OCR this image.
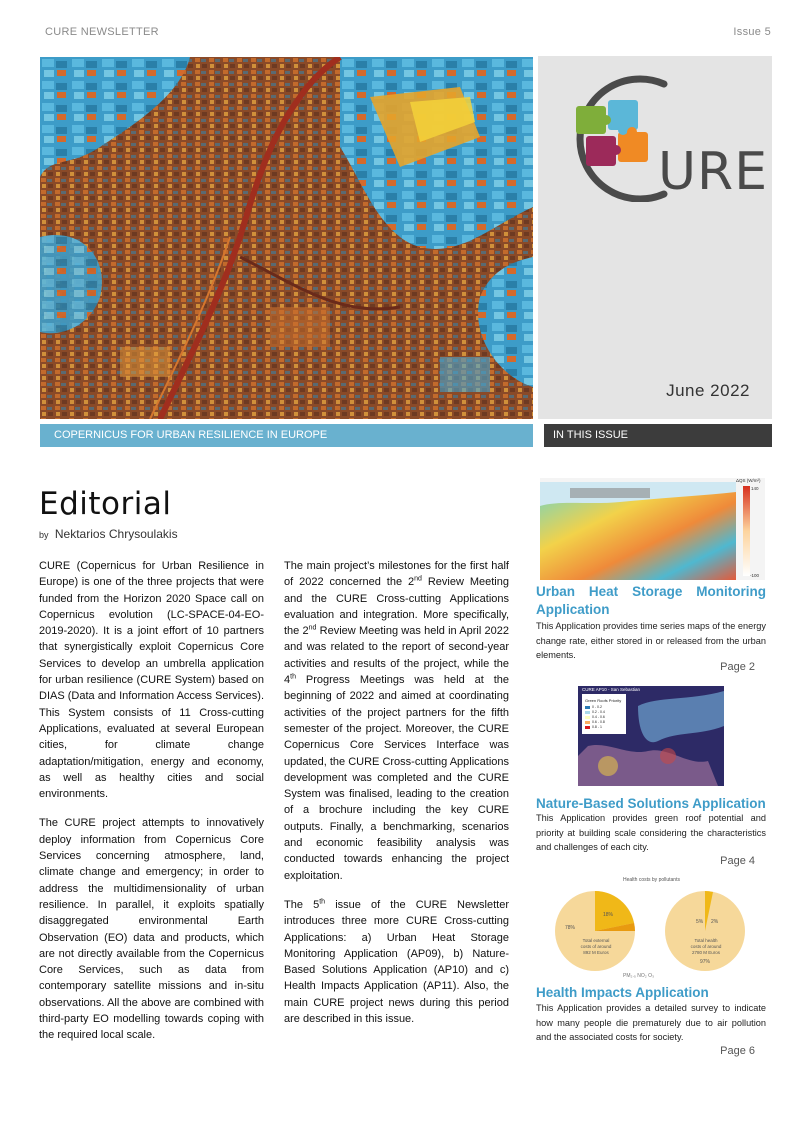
CURE NEWSLETTER	Issue 5
URE
June 2022
COPERNICUS FOR URBAN RESILIENCE IN EUROPE	IN THIS ISSUE
Editorial
by Nektarios Chrysoulakis

CURE (Copernicus for Urban Resilience in Europe) is one of the three projects that were funded from the Horizon 2020 Space call on Copernicus evolution (LC-SPACE-04-EO-2019-2020). It is a joint effort of 10 partners that synergistically exploit Copernicus Core Services to develop an umbrella application for urban resilience (CURE System) based on DIAS (Data and Information Access Services). This System consists of 11 Cross-cutting Applications, evaluated at several European cities, for climate change adaptation/mitigation, energy and economy, as well as healthy cities and social environments.

The CURE project attempts to innovatively deploy information from Copernicus Core Services concerning atmosphere, land, climate change and emergency; in order to address the multidimensionality of urban resilience. In parallel, it exploits spatially disaggregated environmental Earth Observation (EO) data and products, which are not directly available from the Copernicus Core Services, such as data from contemporary satellite missions and in-situ observations. All the above are combined with third-party EO modelling towards coping with the required local scale.

The main project’s milestones for the first half of 2022 concerned the 2nd Review Meeting and the CURE Cross-cutting Applications evaluation and integration. More specifically, the 2nd Review Meeting was held in April 2022 and was related to the report of second-year activities and results of the project, while the 4th Progress Meetings was held at the beginning of 2022 and aimed at coordinating activities of the project partners for the fifth semester of the project. Moreover, the CURE Copernicus Core Services Interface was updated, the CURE Cross-cutting Applications development was completed and the CURE System was finalised, leading to the creation of a brochure including the key CURE outputs. Finally, a benchmarking, scenarios and economic feasibility analysis was conducted towards enhancing the project exploitation.

The 5th issue of the CURE Newsletter introduces three more CURE Cross-cutting Applications: a) Urban Heat Storage Monitoring Application (AP09), b) Nature-Based Solutions Application (AP10) and c) Health Impacts Application (AP11). Also, the main CURE project news during this period are described in this issue.

ΔQS (W/m²)
140
-100
Urban Heat Storage Monitoring Application
This Application provides time series maps of the energy change rate, either stored in or released from the urban elements.
Page 2
CURE AP10 - San Sebastian
Green Roofs Priority
0 - 0.2
0.2 - 0.4
0.4 - 0.6
0.6 - 0.8
0.8 - 1
Nature-Based Solutions Application
This Application provides green roof potential and priority at building scale considering the characteristics and challenges of each city.
Page 4
Health costs by pollutants
78%
18%
Total external
costs of around
892 M Euros
5% 2%
Total health
costs of around
2780 M Euros
97%
PM₂.₅ NO₂ O₃
Health Impacts Application
This Application provides a detailed survey to indicate how many people die prematurely due to air pollution and the associated costs for society.
Page 6
